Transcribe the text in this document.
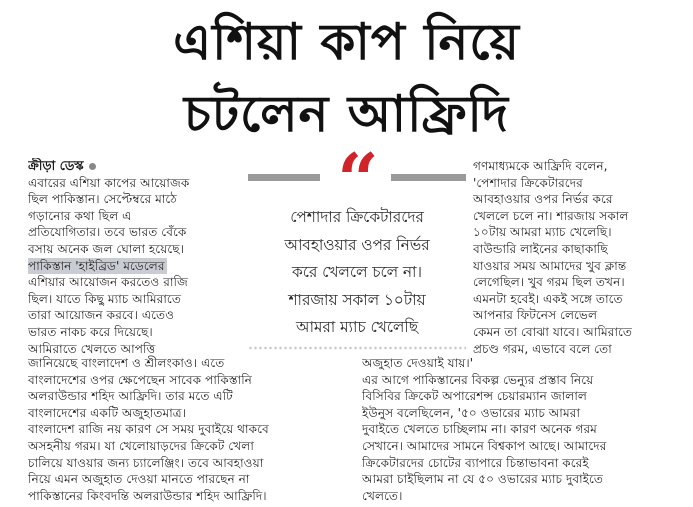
এশিয়া কাপ নিয়ে
চটলেন আফ্রিদি
ক্রীড়া ডেস্ক
এবারের এশিয়া কাপের আয়োজক
ছিল পাকিস্তান। সেপ্টেম্বরে মাঠে
গড়ানোর কথা ছিল এ
প্রতিযোগিতার। তবে ভারত বেঁকে
বসায় অনেক জল ঘোলা হয়েছে।
পাকিস্তান 'হাইব্রিড' মডেলের
এশিয়ার আয়োজন করতেও রাজি
ছিল। যাতে কিছু ম্যাচ আমিরাতে
তারা আয়োজন করবে। এতেও
ভারত নাকচ করে দিয়েছে।
আমিরাতে খেলতে আপত্তি
“
পেশাদার ক্রিকেটারদের
আবহাওয়ার ওপর নির্ভর
করে খেললে চলে না।
শারজায় সকাল ১০টায়
আমরা ম্যাচ খেলেছি
গণমাধ্যমকে আফ্রিদি বলেন,
'পেশাদার ক্রিকেটারদের
আবহাওয়ার ওপর নির্ভর করে
খেললে চলে না। শারজায় সকাল
১০টায় আমরা ম্যাচ খেলেছি।
বাউন্ডারি লাইনের কাছাকাছি
যাওয়ার সময় আমাদের খুব ক্লান্ত
লেগেছিল। খুব গরম ছিল তখন।
এমনটা হবেই। একই সঙ্গে তাতে
আপনার ফিটনেস লেভেল
কেমন তা বোঝা যাবে। আমিরাতে
প্রচণ্ড গরম, এভাবে বলে তো
জানিয়েছে বাংলাদেশ ও শ্রীলংকাও। এতে
বাংলাদেশের ওপর ক্ষেপেছেন সাবেক পাকিস্তানি
অলরাউন্ডার শহিদ আফ্রিদি। তার মতে এটি
বাংলাদেশের একটি অজুহাতমাত্র।
বাংলাদেশ রাজি নয় কারণ সে সময় দুবাইয়ে থাকবে
অসহনীয় গরম। যা খেলোয়াড়দের ক্রিকেট খেলা
চালিয়ে যাওয়ার জন্য চ্যালেঞ্জিং। তবে আবহাওয়া
নিয়ে এমন অজুহাত দেওয়া মানতে পারছেন না
পাকিস্তানের কিংবদন্তি অলরাউন্ডার শহিদ আফ্রিদি।
অজুহাত দেওয়াই যায়।'
এর আগে পাকিস্তানের বিকল্প ভেন্যুর প্রস্তাব নিয়ে
বিসিবির ক্রিকেট অপারেশন্স চেয়ারম্যান জালাল
ইউনুস বলেছিলেন, '৫০ ওভারের ম্যাচ আমরা
দুবাইতে খেলতে চাচ্ছিলাম না। কারণ অনেক গরম
সেখানে। আমাদের সামনে বিশ্বকাপ আছে। আমাদের
ক্রিকেটারদের চোটের ব্যাপারে চিন্তাভাবনা করেই
আমরা চাইছিলাম না যে ৫০ ওভারের ম্যাচ দুবাইতে
খেলতে।
